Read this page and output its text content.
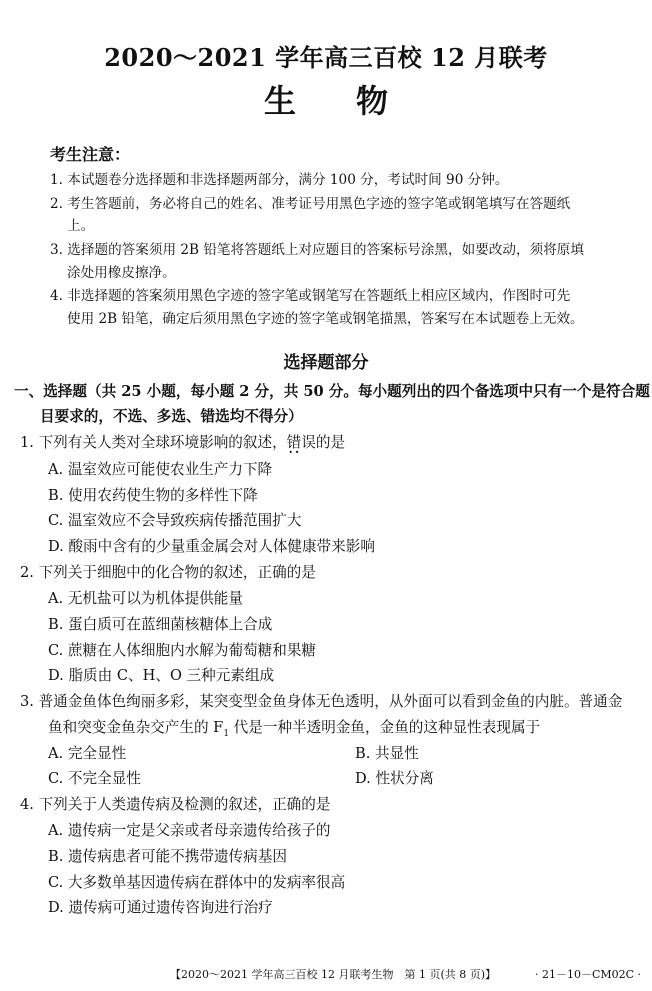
2020～2021 学年高三百校 12 月联考
生物
考生注意：
1. 本试题卷分选择题和非选择题两部分，满分 100 分，考试时间 90 分钟。
2. 考生答题前，务必将自己的姓名、准考证号用黑色字迹的签字笔或钢笔填写在答题纸
上。
3. 选择题的答案须用 2B 铅笔将答题纸上对应题目的答案标号涂黑，如要改动，须将原填
涂处用橡皮擦净。
4. 非选择题的答案须用黑色字迹的签字笔或钢笔写在答题纸上相应区域内，作图时可先
使用 2B 铅笔，确定后须用黑色字迹的签字笔或钢笔描黑，答案写在本试题卷上无效。
选择题部分
一、选择题（共 25 小题，每小题 2 分，共 50 分。每小题列出的四个备选项中只有一个是符合题
目要求的，不选、多选、错选均不得分）
1. 下列有关人类对全球环境影响的叙述，错误 · ·的是
A. 温室效应可能使农业生产力下降
B. 使用农药使生物的多样性下降
C. 温室效应不会导致疾病传播范围扩大
D. 酸雨中含有的少量重金属会对人体健康带来影响
2. 下列关于细胞中的化合物的叙述，正确的是
A. 无机盐可以为机体提供能量
B. 蛋白质可在蓝细菌核糖体上合成
C. 蔗糖在人体细胞内水解为葡萄糖和果糖
D. 脂质由 C、H、O 三种元素组成
3. 普通金鱼体色绚丽多彩，某突变型金鱼身体无色透明，从外面可以看到金鱼的内脏。普通金
鱼和突变金鱼杂交产生的 $F_1$ 代是一种半透明金鱼，金鱼的这种显性表现属于
A. 完全显性	B. 共显性
C. 不完全显性	D. 性状分离
4. 下列关于人类遗传病及检测的叙述，正确的是
A. 遗传病一定是父亲或者母亲遗传给孩子的
B. 遗传病患者可能不携带遗传病基因
C. 大多数单基因遗传病在群体中的发病率很高
D. 遗传病可通过遗传咨询进行治疗
【2020～2021 学年高三百校 12 月联考生物　第 1 页(共 8 页)】	· 21－10－CM02C ·
